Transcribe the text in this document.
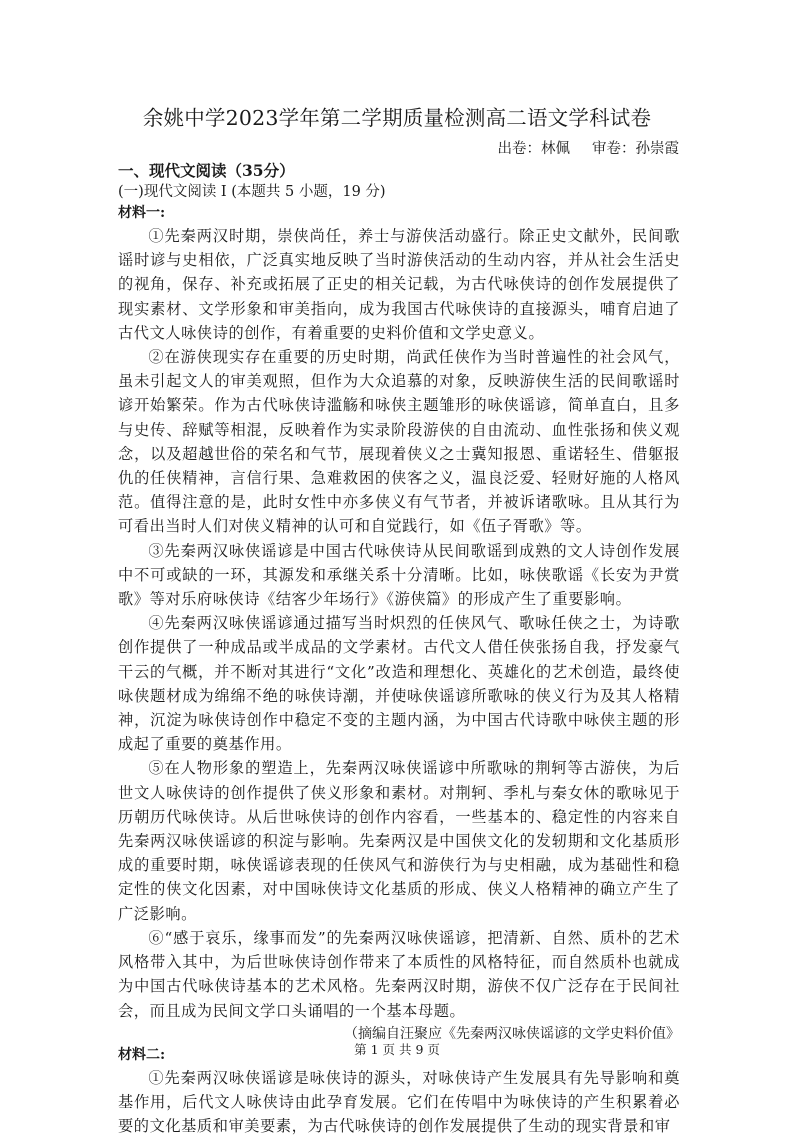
余姚中学2023学年第二学期质量检测高二语文学科试卷
出卷：林佩 审卷：孙崇霞
一、现代文阅读（35分）
(一)现代文阅读 I (本题共 5 小题，19 分)
材料一:

①先秦两汉时期，崇侠尚任，养士与游侠活动盛行。除正史文献外，民间歌谣时谚与史相依，广泛真实地反映了当时游侠活动的生动内容，并从社会生活史的视角，保存、补充或拓展了正史的相关记载，为古代咏侠诗的创作发展提供了现实素材、文学形象和审美指向，成为我国古代咏侠诗的直接源头，哺育启迪了古代文人咏侠诗的创作，有着重要的史料价值和文学史意义。

②在游侠现实存在重要的历史时期，尚武任侠作为当时普遍性的社会风气，虽未引起文人的审美观照，但作为大众追慕的对象，反映游侠生活的民间歌谣时谚开始繁荣。作为古代咏侠诗滥觞和咏侠主题雏形的咏侠谣谚，简单直白，且多与史传、辞赋等相混，反映着作为实录阶段游侠的自由流动、血性张扬和侠义观念，以及超越世俗的荣名和气节，展现着侠义之士冀知报恩、重诺轻生、借躯报仇的任侠精神，言信行果、急难救困的侠客之义，温良泛爱、轻财好施的人格风范。值得注意的是，此时女性中亦多侠义有气节者，并被诉诸歌咏。且从其行为可看出当时人们对侠义精神的认可和自觉践行，如《伍子胥歌》等。

③先秦两汉咏侠谣谚是中国古代咏侠诗从民间歌谣到成熟的文人诗创作发展中不可或缺的一环，其源发和承继关系十分清晰。比如，咏侠歌谣《长安为尹赏歌》等对乐府咏侠诗《结客少年场行》《游侠篇》的形成产生了重要影响。

④先秦两汉咏侠谣谚通过描写当时炽烈的任侠风气、歌咏任侠之士，为诗歌创作提供了一种成品或半成品的文学素材。古代文人借任侠张扬自我，抒发豪气干云的气概，并不断对其进行“文化”改造和理想化、英雄化的艺术创造，最终使咏侠题材成为绵绵不绝的咏侠诗潮，并使咏侠谣谚所歌咏的侠义行为及其人格精神，沉淀为咏侠诗创作中稳定不变的主题内涵，为中国古代诗歌中咏侠主题的形成起了重要的奠基作用。

⑤在人物形象的塑造上，先秦两汉咏侠谣谚中所歌咏的荆轲等古游侠，为后世文人咏侠诗的创作提供了侠义形象和素材。对荆轲、季札与秦女休的歌咏见于历朝历代咏侠诗。从后世咏侠诗的创作内容看，一些基本的、稳定性的内容来自先秦两汉咏侠谣谚的积淀与影响。先秦两汉是中国侠文化的发轫期和文化基质形成的重要时期，咏侠谣谚表现的任侠风气和游侠行为与史相融，成为基础性和稳定性的侠文化因素，对中国咏侠诗文化基质的形成、侠义人格精神的确立产生了广泛影响。

⑥“感于哀乐，缘事而发”的先秦两汉咏侠谣谚，把清新、自然、质朴的艺术风格带入其中，为后世咏侠诗创作带来了本质性的风格特征，而自然质朴也就成为中国古代咏侠诗基本的艺术风格。先秦两汉时期，游侠不仅广泛存在于民间社会，而且成为民间文学口头诵唱的一个基本母题。

（摘编自汪聚应《先秦两汉咏侠谣谚的文学史料价值》
材料二:

①先秦两汉咏侠谣谚是咏侠诗的源头，对咏侠诗产生发展具有先导影响和奠基作用，后代文人咏侠诗由此孕育发展。它们在传唱中为咏侠诗的产生积累着必要的文化基质和审美要素，为古代咏侠诗的创作发展提供了生动的现实背景和审

第 1 页 共 9 页
